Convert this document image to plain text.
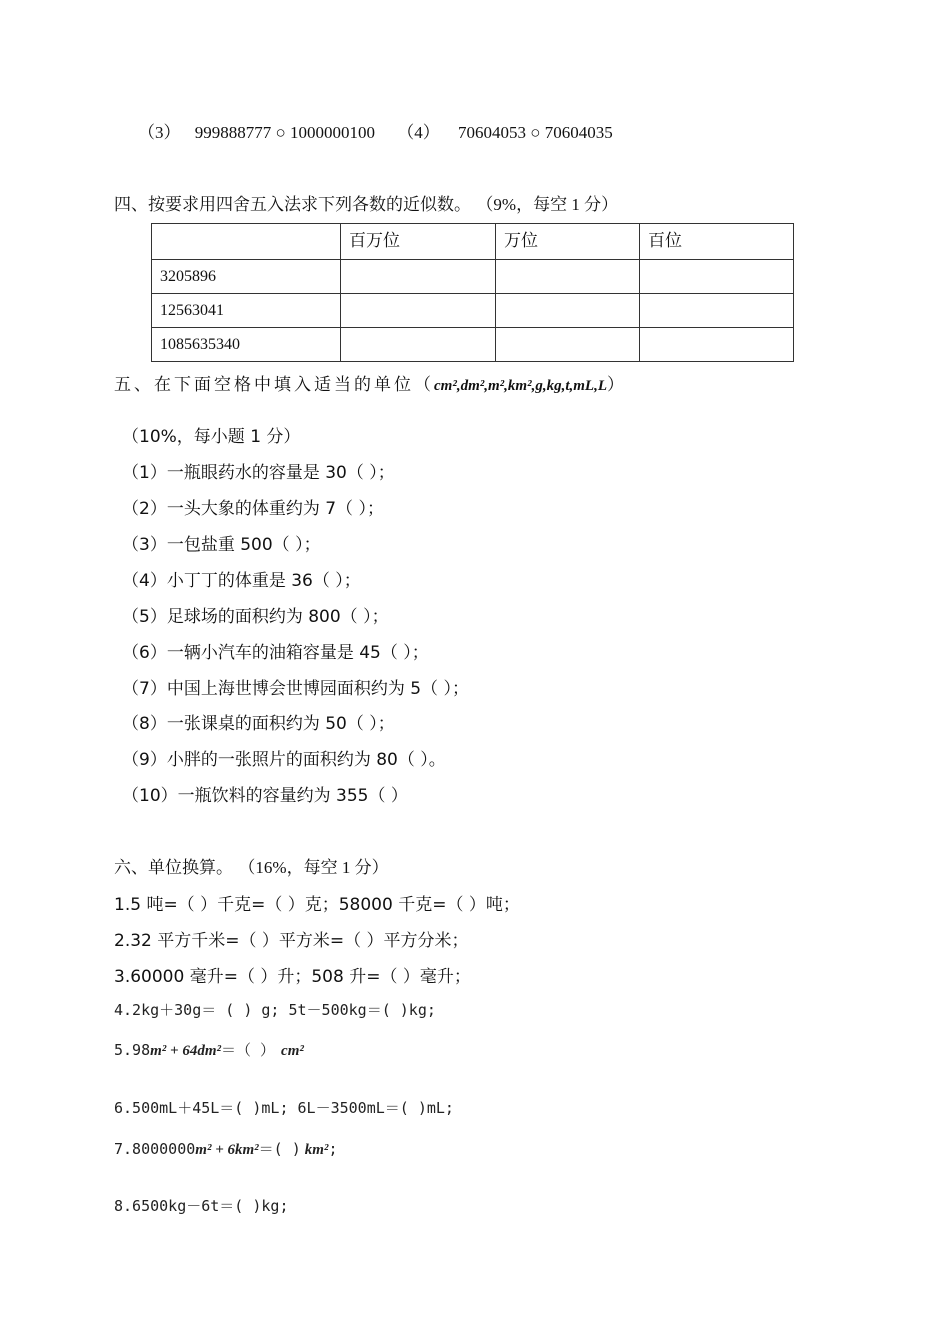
（3） 999888777 ○ 1000000100 （4） 70604053 ○ 70604035
四、按要求用四舍五入法求下列各数的近似数。 （9%，每空 1 分）
	百万位	万位	百位
3205896			
12563041			
1085635340			
五、在下面空格中填入适当的单位（cm²,dm²,m²,km²,g,kg,t,mL,L）
（10%，每小题 1 分）
（1）一瓶眼药水的容量是 30（ ）；
（2）一头大象的体重约为 7（ ）；
（3）一包盐重 500（ ）；
（4）小丁丁的体重是 36（ ）；
（5）足球场的面积约为 800（ ）；
（6）一辆小汽车的油箱容量是 45（ ）；
（7）中国上海世博会世博园面积约为 5（ ）；
（8）一张课桌的面积约为 50（ ）；
（9）小胖的一张照片的面积约为 80（ ）。
（10）一瓶饮料的容量约为 355（ ）
六、单位换算。 （16%，每空 1 分）
1.5 吨=（ ）千克=（ ）克；58000 千克=（ ）吨；
2.32 平方千米=（ ）平方米=（ ）平方分米；
3.60000 毫升=（ ）升；508 升=（ ）毫升；
4.2kg＋30g＝ ( ) g; 5t－500kg＝( )kg;
5.98m² + 64dm²＝（ ） cm²
6.500mL＋45L＝( )mL; 6L－3500mL＝( )mL;
7.8000000m² + 6km²＝( ) km²;
8.6500kg－6t＝( )kg;
